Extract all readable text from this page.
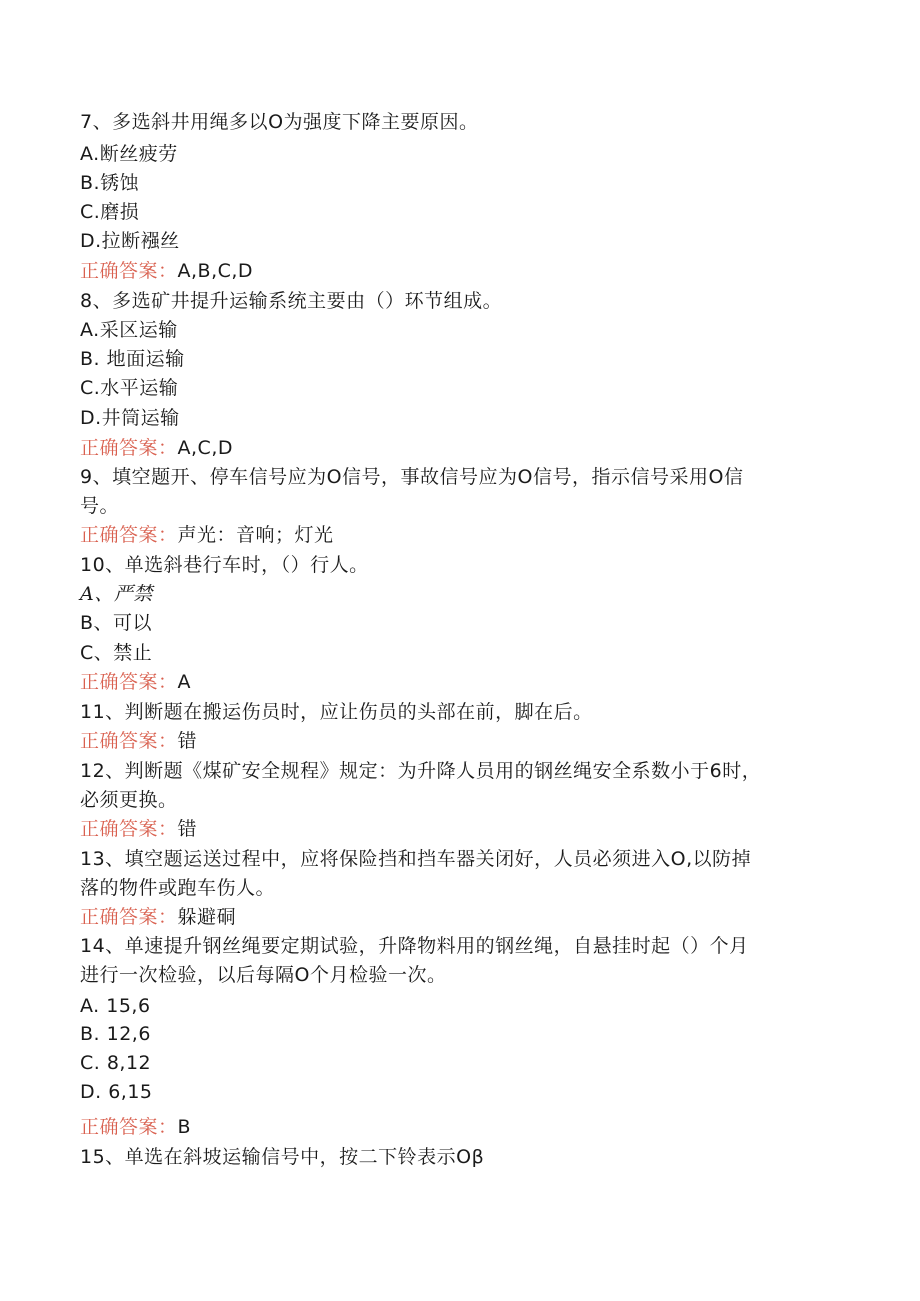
7、多选斜井用绳多以O为强度下降主要原因。
A.断丝疲劳
B.锈蚀
C.磨损
D.拉断襁丝
正确答案：A,B,C,D
8、多选矿井提升运输系统主要由（）环节组成。
A.采区运输
B. 地面运输
C.水平运输
D.井筒运输
正确答案：A,C,D
9、填空题开、停车信号应为O信号，事故信号应为O信号，指示信号采用O信
号。
正确答案：声光：音响；灯光
10、单选斜巷行车时，（）行人。
A、严禁
B、可以
C、禁止
正确答案：A
11、判断题在搬运伤员时，应让伤员的头部在前，脚在后。
正确答案：错
12、判断题《煤矿安全规程》规定：为升降人员用的钢丝绳安全系数小于6时，
必须更换。
正确答案：错
13、填空题运送过程中，应将保险挡和挡车器关闭好，人员必须进入O,以防掉
落的物件或跑车伤人。
正确答案：躲避硐
14、单速提升钢丝绳要定期试验，升降物料用的钢丝绳，自悬挂时起（）个月
进行一次检验，以后每隔O个月检验一次。
A. 15,6
B. 12,6
C. 8,12
D. 6,15
正确答案：B
15、单选在斜坡运输信号中，按二下铃表示Oβ
